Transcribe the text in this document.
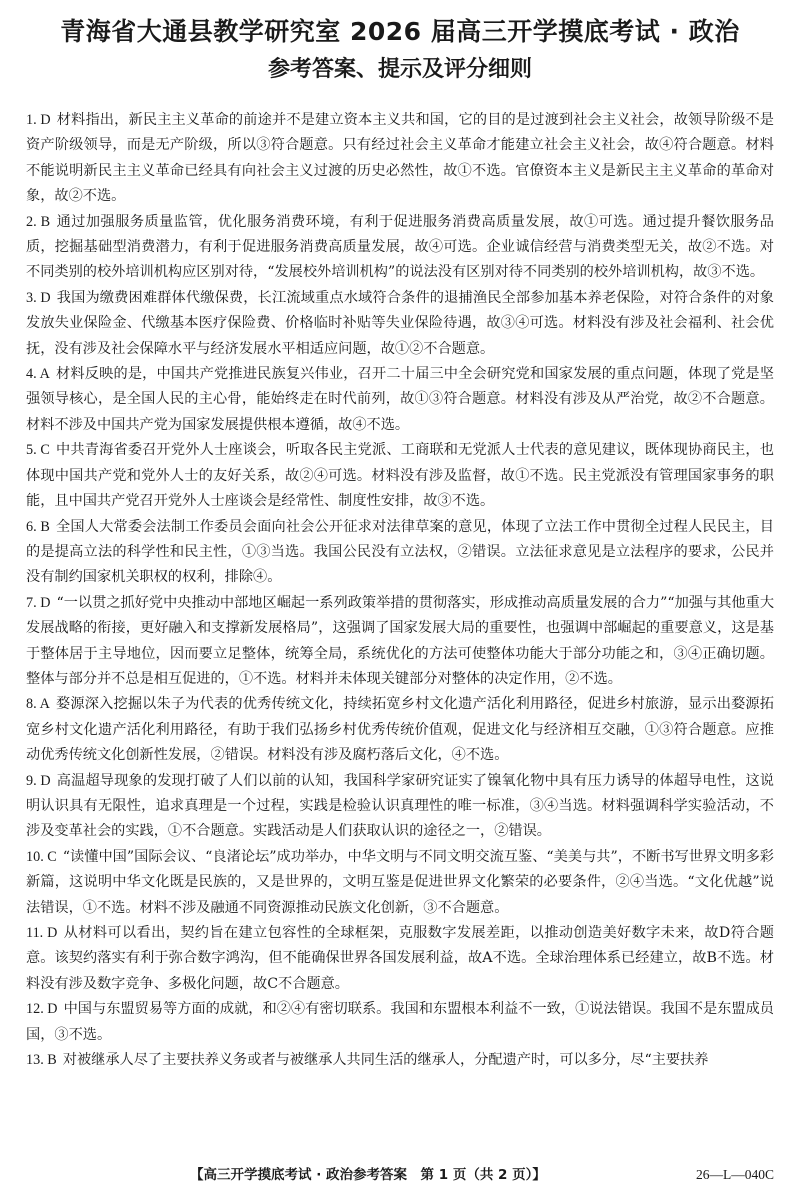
青海省大通县教学研究室 2026 届高三开学摸底考试 · 政治
参考答案、提示及评分细则

1. D 材料指出，新民主主义革命的前途并不是建立资本主义共和国，它的目的是过渡到社会主义社会，故领导阶级不是资产阶级领导，而是无产阶级，所以③符合题意。只有经过社会主义革命才能建立社会主义社会，故④符合题意。材料不能说明新民主主义革命已经具有向社会主义过渡的历史必然性，故①不选。官僚资本主义是新民主主义革命的革命对象，故②不选。

2. B 通过加强服务质量监管，优化服务消费环境，有利于促进服务消费高质量发展，故①可选。通过提升餐饮服务品质，挖掘基础型消费潜力，有利于促进服务消费高质量发展，故④可选。企业诚信经营与消费类型无关，故②不选。对不同类别的校外培训机构应区别对待，“发展校外培训机构”的说法没有区别对待不同类别的校外培训机构，故③不选。

3. D 我国为缴费困难群体代缴保费，长江流域重点水域符合条件的退捕渔民全部参加基本养老保险，对符合条件的对象发放失业保险金、代缴基本医疗保险费、价格临时补贴等失业保险待遇，故③④可选。材料没有涉及社会福利、社会优抚，没有涉及社会保障水平与经济发展水平相适应问题，故①②不合题意。

4. A 材料反映的是，中国共产党推进民族复兴伟业，召开二十届三中全会研究党和国家发展的重点问题，体现了党是坚强领导核心，是全国人民的主心骨，能始终走在时代前列，故①③符合题意。材料没有涉及从严治党，故②不合题意。材料不涉及中国共产党为国家发展提供根本遵循，故④不选。

5. C 中共青海省委召开党外人士座谈会，听取各民主党派、工商联和无党派人士代表的意见建议，既体现协商民主，也体现中国共产党和党外人士的友好关系，故②④可选。材料没有涉及监督，故①不选。民主党派没有管理国家事务的职能，且中国共产党召开党外人士座谈会是经常性、制度性安排，故③不选。

6. B 全国人大常委会法制工作委员会面向社会公开征求对法律草案的意见，体现了立法工作中贯彻全过程人民民主，目的是提高立法的科学性和民主性，①③当选。我国公民没有立法权，②错误。立法征求意见是立法程序的要求，公民并没有制约国家机关职权的权利，排除④。

7. D “一以贯之抓好党中央推动中部地区崛起一系列政策举措的贯彻落实，形成推动高质量发展的合力”“加强与其他重大发展战略的衔接，更好融入和支撑新发展格局”，这强调了国家发展大局的重要性，也强调中部崛起的重要意义，这是基于整体居于主导地位，因而要立足整体，统筹全局，系统优化的方法可使整体功能大于部分功能之和，③④正确切题。整体与部分并不总是相互促进的，①不选。材料并未体现关键部分对整体的决定作用，②不选。

8. A 婺源深入挖掘以朱子为代表的优秀传统文化，持续拓宽乡村文化遗产活化利用路径，促进乡村旅游，显示出婺源拓宽乡村文化遗产活化利用路径，有助于我们弘扬乡村优秀传统价值观，促进文化与经济相互交融，①③符合题意。应推动优秀传统文化创新性发展，②错误。材料没有涉及腐朽落后文化，④不选。

9. D 高温超导现象的发现打破了人们以前的认知，我国科学家研究证实了镍氧化物中具有压力诱导的体超导电性，这说明认识具有无限性，追求真理是一个过程，实践是检验认识真理性的唯一标准，③④当选。材料强调科学实验活动，不涉及变革社会的实践，①不合题意。实践活动是人们获取认识的途径之一，②错误。

10. C “读懂中国”国际会议、“良渚论坛”成功举办，中华文明与不同文明交流互鉴、“美美与共”，不断书写世界文明多彩新篇，这说明中华文化既是民族的，又是世界的，文明互鉴是促进世界文化繁荣的必要条件，②④当选。“文化优越”说法错误，①不选。材料不涉及融通不同资源推动民族文化创新，③不合题意。

11. D 从材料可以看出，契约旨在建立包容性的全球框架，克服数字发展差距，以推动创造美好数字未来，故D符合题意。该契约落实有利于弥合数字鸿沟，但不能确保世界各国发展利益，故A不选。全球治理体系已经建立，故B不选。材料没有涉及数字竞争、多极化问题，故C不合题意。

12. D 中国与东盟贸易等方面的成就，和②④有密切联系。我国和东盟根本利益不一致，①说法错误。我国不是东盟成员国，③不选。

13. B 对被继承人尽了主要扶养义务或者与被继承人共同生活的继承人，分配遗产时，可以多分，尽“主要扶养

【高三开学摸底考试 · 政治参考答案　第 1 页（共 2 页）】	26—L—040C
